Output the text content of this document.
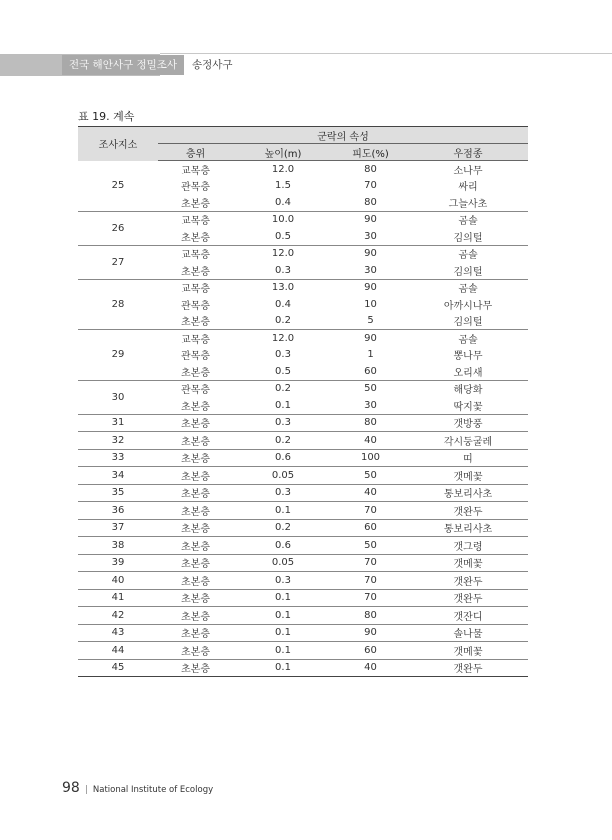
전국 해안사구 정밀조사	송정사구
표 19. 계속
조사지소	군락의 속성			
	층위	높이(m)	피도(%)	우점종
25	교목층	12.0	80	소나무
	관목층	1.5	70	싸리
	초본층	0.4	80	그늘사초
26	교목층	10.0	90	곰솔
	초본층	0.5	30	김의털
27	교목층	12.0	90	곰솔
	초본층	0.3	30	김의털
28	교목층	13.0	90	곰솔
	관목층	0.4	10	아까시나무
	초본층	0.2	5	김의털
29	교목층	12.0	90	곰솔
	관목층	0.3	1	뽕나무
	초본층	0.5	60	오리새
30	관목층	0.2	50	해당화
	초본층	0.1	30	딱지꽃
31	초본층	0.3	80	갯방풍
32	초본층	0.2	40	각시둥굴레
33	초본층	0.6	100	띠
34	초본층	0.05	50	갯메꽃
35	초본층	0.3	40	통보리사초
36	초본층	0.1	70	갯완두
37	초본층	0.2	60	통보리사초
38	초본층	0.6	50	갯그령
39	초본층	0.05	70	갯메꽃
40	초본층	0.3	70	갯완두
41	초본층	0.1	70	갯완두
42	초본층	0.1	80	갯잔디
43	초본층	0.1	90	솔나물
44	초본층	0.1	60	갯메꽃
45	초본층	0.1	40	갯완두
98 | National Institute of Ecology
